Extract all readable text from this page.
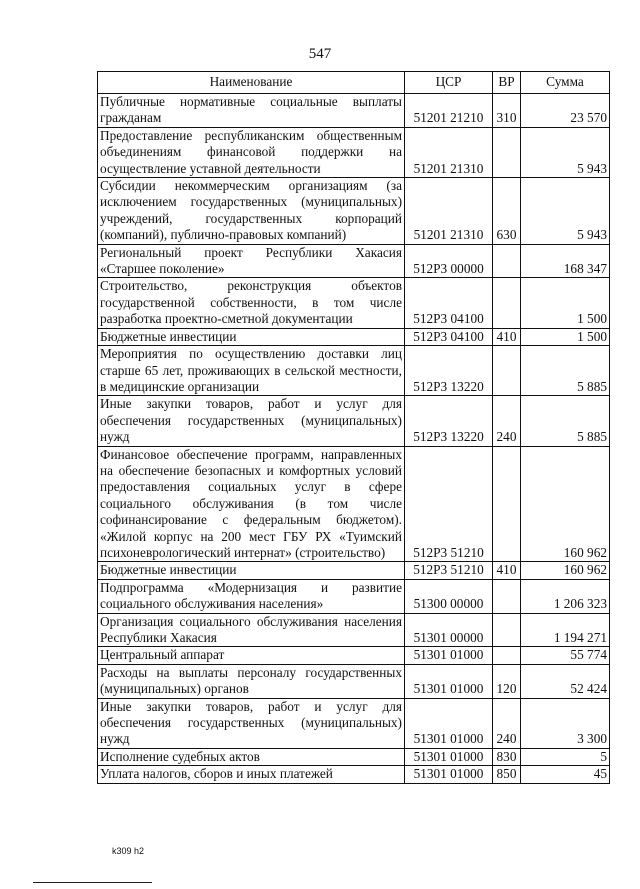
547
Наименование	ЦСР	ВР	Сумма
Публичные нормативные социальные выплаты гражданам	51201 21210	310	23 570
Предоставление республиканским общественным объединениям финансовой поддержки на осуществление уставной деятельности	51201 21310		5 943
Субсидии некоммерческим организациям (за исключением государственных (муниципальных) учреждений, государственных корпораций (компаний), публично-правовых компаний)	51201 21310	630	5 943
Региональный проект Республики Хакасия «Старшее поколение»	512P3 00000		168 347
Строительство, реконструкция объектов государственной собственности, в том числе разработка проектно-сметной документации	512P3 04100		1 500
Бюджетные инвестиции	512P3 04100	410	1 500
Мероприятия по осуществлению доставки лиц старше 65 лет, проживающих в сельской местности, в медицинские организации	512P3 13220		5 885
Иные закупки товаров, работ и услуг для обеспечения государственных (муниципальных) нужд	512P3 13220	240	5 885
Финансовое обеспечение программ, направленных на обеспечение безопасных и комфортных условий предоставления социальных услуг в сфере социального обслуживания (в том числе софинансирование с федеральным бюджетом). «Жилой корпус на 200 мест ГБУ РХ «Туимский психоневрологический интернат» (строительство)	512P3 51210		160 962
Бюджетные инвестиции	512P3 51210	410	160 962
Подпрограмма «Модернизация и развитие социального обслуживания населения»	51300 00000		1 206 323
Организация социального обслуживания населения Республики Хакасия	51301 00000		1 194 271
Центральный аппарат	51301 01000		55 774
Расходы на выплаты персоналу государственных (муниципальных) органов	51301 01000	120	52 424
Иные закупки товаров, работ и услуг для обеспечения государственных (муниципальных) нужд	51301 01000	240	3 300
Исполнение судебных актов	51301 01000	830	5
Уплата налогов, сборов и иных платежей	51301 01000	850	45
k309 h2
